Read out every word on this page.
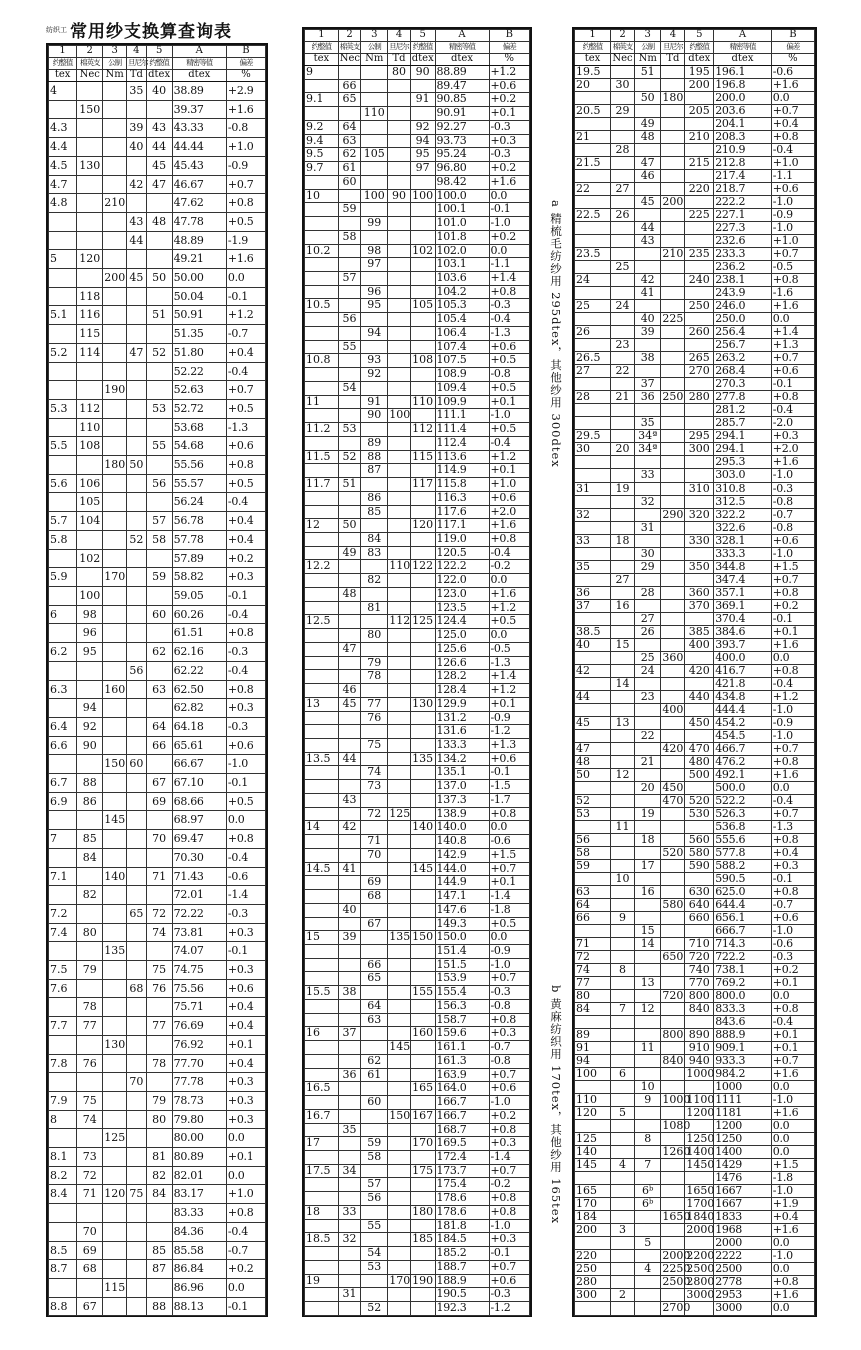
纺织工 常用纱支换算查询表
1	2	3	4	5	A	B
约整值	棉英支	公制	旦尼尔	约整值	精密等值	偏差
tex	Nec	Nm	Td	dtex	dtex	%
4			35	40	38.89	+2.9
	150				39.37	+1.6
4.3			39	43	43.33	-0.8
4.4			40	44	44.44	+1.0
4.5	130			45	45.43	-0.9
4.7			42	47	46.67	+0.7
4.8		210			47.62	+0.8
			43	48	47.78	+0.5
			44		48.89	-1.9
5	120				49.21	+1.6
		200	45	50	50.00	0.0
	118				50.04	-0.1
5.1	116			51	50.91	+1.2
	115				51.35	-0.7
5.2	114		47	52	51.80	+0.4
					52.22	-0.4
		190			52.63	+0.7
5.3	112			53	52.72	+0.5
	110				53.68	-1.3
5.5	108			55	54.68	+0.6
		180	50		55.56	+0.8
5.6	106			56	55.57	+0.5
	105				56.24	-0.4
5.7	104			57	56.78	+0.4
5.8			52	58	57.78	+0.4
	102				57.89	+0.2
5.9		170		59	58.82	+0.3
	100				59.05	-0.1
6	98			60	60.26	-0.4
	96				61.51	+0.8
6.2	95			62	62.16	-0.3
			56		62.22	-0.4
6.3		160		63	62.50	+0.8
	94				62.82	+0.3
6.4	92			64	64.18	-0.3
6.6	90			66	65.61	+0.6
		150	60		66.67	-1.0
6.7	88			67	67.10	-0.1
6.9	86			69	68.66	+0.5
		145			68.97	0.0
7	85			70	69.47	+0.8
	84				70.30	-0.4
7.1		140		71	71.43	-0.6
	82				72.01	-1.4
7.2			65	72	72.22	-0.3
7.4	80			74	73.81	+0.3
		135			74.07	-0.1
7.5	79			75	74.75	+0.3
7.6			68	76	75.56	+0.6
	78				75.71	+0.4
7.7	77			77	76.69	+0.4
		130			76.92	+0.1
7.8	76			78	77.70	+0.4
			70		77.78	+0.3
7.9	75			79	78.73	+0.3
8	74			80	79.80	+0.3
		125			80.00	0.0
8.1	73			81	80.89	+0.1
8.2	72			82	82.01	0.0
8.4	71	120	75	84	83.17	+1.0
					83.33	+0.8
	70				84.36	-0.4
8.5	69			85	85.58	-0.7
8.7	68			87	86.84	+0.2
		115			86.96	0.0
8.8	67			88	88.13	-0.1
1	2	3	4	5	A	B
约整值	棉英支	公制	旦尼尔	约整值	精密等值	偏差
tex	Nec	Nm	Td	dtex	dtex	%
9			80	90	88.89	+1.2
	66				89.47	+0.6
9.1	65			91	90.85	+0.2
		110			90.91	+0.1
9.2	64			92	92.27	-0.3
9.4	63			94	93.73	+0.3
9.5	62	105		95	95.24	-0.3
9.7	61			97	96.80	+0.2
	60				98.42	+1.6
10		100	90	100	100.0	0.0
	59				100.1	-0.1
		99			101.0	-1.0
	58				101.8	+0.2
10.2		98		102	102.0	0.0
		97			103.1	-1.1
	57				103.6	+1.4
		96			104.2	+0.8
10.5		95		105	105.3	-0.3
	56				105.4	-0.4
		94			106.4	-1.3
	55				107.4	+0.6
10.8		93		108	107.5	+0.5
		92			108.9	-0.8
	54				109.4	+0.5
11		91		110	109.9	+0.1
		90	100		111.1	-1.0
11.2	53			112	111.4	+0.5
		89			112.4	-0.4
11.5	52	88		115	113.6	+1.2
		87			114.9	+0.1
11.7	51			117	115.8	+1.0
		86			116.3	+0.6
		85			117.6	+2.0
12	50			120	117.1	+1.6
		84			119.0	+0.8
	49	83			120.5	-0.4
12.2			110	122	122.2	-0.2
		82			122.0	0.0
	48				123.0	+1.6
		81			123.5	+1.2
12.5			112	125	124.4	+0.5
		80			125.0	0.0
	47				125.6	-0.5
		79			126.6	-1.3
		78			128.2	+1.4
	46				128.4	+1.2
13	45	77		130	129.9	+0.1
		76			131.2	-0.9
					131.6	-1.2
		75			133.3	+1.3
13.5	44			135	134.2	+0.6
		74			135.1	-0.1
		73			137.0	-1.5
	43				137.3	-1.7
		72	125		138.9	+0.8
14	42			140	140.0	0.0
		71			140.8	-0.6
		70			142.9	+1.5
14.5	41			145	144.0	+0.7
		69			144.9	+0.1
		68			147.1	-1.4
	40				147.6	-1.8
		67			149.3	+0.5
15	39		135	150	150.0	0.0
					151.4	-0.9
		66			151.5	-1.0
		65			153.9	+0.7
15.5	38			155	155.4	-0.3
		64			156.3	-0.8
		63			158.7	+0.8
16	37			160	159.6	+0.3
			145		161.1	-0.7
		62			161.3	-0.8
	36	61			163.9	+0.7
16.5				165	164.0	+0.6
		60			166.7	-1.0
16.7			150	167	166.7	+0.2
	35				168.7	+0.8
17		59		170	169.5	+0.3
		58			172.4	-1.4
17.5	34			175	173.7	+0.7
		57			175.4	-0.2
		56			178.6	+0.8
18	33			180	178.6	+0.8
		55			181.8	-1.0
18.5	32			185	184.5	+0.3
		54			185.2	-0.1
		53			188.7	+0.7
19			170	190	188.9	+0.6
	31				190.5	-0.3
		52			192.3	-1.2
1	2	3	4	5	A	B
约整值	棉英支	公制	旦尼尔	约整值	精密等值	偏差
tex	Nec	Nm	Td	dtex	dtex	%
19.5		51		195	196.1	-0.6
20	30			200	196.8	+1.6
		50	180		200.0	0.0
20.5	29			205	203.6	+0.7
		49			204.1	+0.4
21		48		210	208.3	+0.8
	28				210.9	-0.4
21.5		47		215	212.8	+1.0
		46			217.4	-1.1
22	27			220	218.7	+0.6
		45	200		222.2	-1.0
22.5	26			225	227.1	-0.9
		44			227.3	-1.0
		43			232.6	+1.0
23.5			210	235	233.3	+0.7
	25				236.2	-0.5
24		42		240	238.1	+0.8
		41			243.9	-1.6
25	24			250	246.0	+1.6
		40	225		250.0	0.0
26		39		260	256.4	+1.4
	23				256.7	+1.3
26.5		38		265	263.2	+0.7
27	22			270	268.4	+0.6
		37			270.3	-0.1
28	21	36	250	280	277.8	+0.8
					281.2	-0.4
		35			285.7	-2.0
29.5		34ª		295	294.1	+0.3
30	20	34ª		300	294.1	+2.0
					295.3	+1.6
		33			303.0	-1.0
31	19			310	310.8	-0.3
		32			312.5	-0.8
32			290	320	322.2	-0.7
		31			322.6	-0.8
33	18			330	328.1	+0.6
		30			333.3	-1.0
35		29		350	344.8	+1.5
	27				347.4	+0.7
36		28		360	357.1	+0.8
37	16			370	369.1	+0.2
		27			370.4	-0.1
38.5		26		385	384.6	+0.1
40	15			400	393.7	+1.6
		25	360		400.0	0.0
42		24		420	416.7	+0.8
	14				421.8	-0.4
44		23		440	434.8	+1.2
			400		444.4	-1.0
45	13			450	454.2	-0.9
		22			454.5	-1.0
47			420	470	466.7	+0.7
48		21		480	476.2	+0.8
50	12			500	492.1	+1.6
		20	450		500.0	0.0
52			470	520	522.2	-0.4
53		19		530	526.3	+0.7
	11				536.8	-1.3
56		18		560	555.6	+0.8
58			520	580	577.8	+0.4
59		17		590	588.2	+0.3
	10				590.5	-0.1
63		16		630	625.0	+0.8
64			580	640	644.4	-0.7
66	9			660	656.1	+0.6
		15			666.7	-1.0
71		14		710	714.3	-0.6
72			650	720	722.2	-0.3
74	8			740	738.1	+0.2
77		13		770	769.2	+0.1
80			720	800	800.0	0.0
84	7	12		840	833.3	+0.8
					843.6	-0.4
89			800	890	888.9	+0.1
91		11		910	909.1	+0.1
94			840	940	933.3	+0.7
100	6			1000	984.2	+1.6
		10			1000	0.0
110		9	1000	1100	1111	-1.0
120	5			1200	1181	+1.6
			1080		1200	0.0
125		8		1250	1250	0.0
140			1260	1400	1400	0.0
145	4	7		1450	1429	+1.5
					1476	-1.8
165		6ᵇ		1650	1667	-1.0
170		6ᵇ		1700	1667	+1.9
184			1650	1840	1833	+0.4
200	3			2000	1968	+1.6
		5			2000	0.0
220			2000	2200	2222	-1.0
250		4	2250	2500	2500	0.0
280			2500	2800	2778	+0.8
300	2			3000	2953	+1.6
			2700		3000	0.0
a 精梳毛纺纱用 295dtex，其他纱用 300dtex
b 黄麻纺织用 170tex，其他纱用 165tex
